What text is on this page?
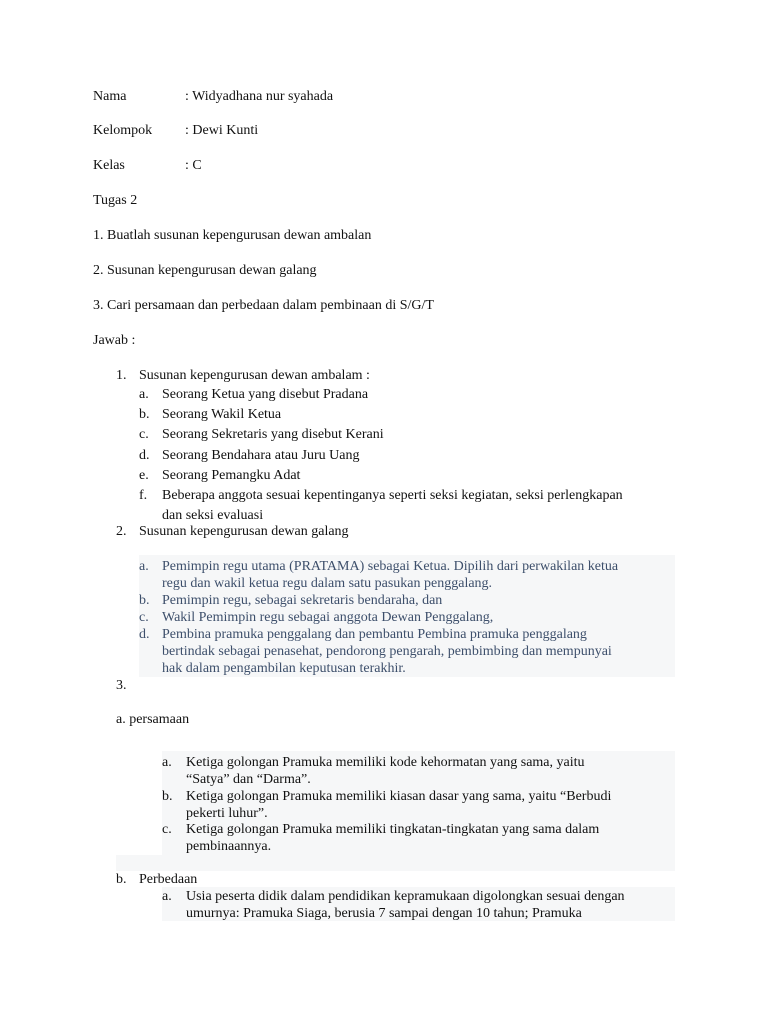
Nama	: Widyadhana nur syahada
Kelompok : Dewi Kunti
Kelas	: C
Tugas 2
1. Buatlah susunan kepengurusan dewan ambalan
2. Susunan kepengurusan dewan galang
3. Cari persamaan dan perbedaan dalam pembinaan di S/G/T
Jawab :
1. Susunan kepengurusan dewan ambalam :
a. Seorang Ketua yang disebut Pradana
b. Seorang Wakil Ketua
c. Seorang Sekretaris yang disebut Kerani
d. Seorang Bendahara atau Juru Uang
e. Seorang Pemangku Adat
f. Beberapa anggota sesuai kepentinganya seperti seksi kegiatan, seksi perlengkapan
dan seksi evaluasi
2. Susunan kepengurusan dewan galang
a. Pemimpin regu utama (PRATAMA) sebagai Ketua. Dipilih dari perwakilan ketua
regu dan wakil ketua regu dalam satu pasukan penggalang.
b. Pemimpin regu, sebagai sekretaris bendaraha, dan
c. Wakil Pemimpin regu sebagai anggota Dewan Penggalang,
d. Pembina pramuka penggalang dan pembantu Pembina pramuka penggalang
bertindak sebagai penasehat, pendorong pengarah, pembimbing dan mempunyai
hak dalam pengambilan keputusan terakhir.
3.
a. persamaan
a. Ketiga golongan Pramuka memiliki kode kehormatan yang sama, yaitu
“Satya” dan “Darma”.
b. Ketiga golongan Pramuka memiliki kiasan dasar yang sama, yaitu “Berbudi
pekerti luhur”.
c. Ketiga golongan Pramuka memiliki tingkatan-tingkatan yang sama dalam
pembinaannya.
b. Perbedaan
a. Usia peserta didik dalam pendidikan kepramukaan digolongkan sesuai dengan
umurnya: Pramuka Siaga, berusia 7 sampai dengan 10 tahun; Pramuka
